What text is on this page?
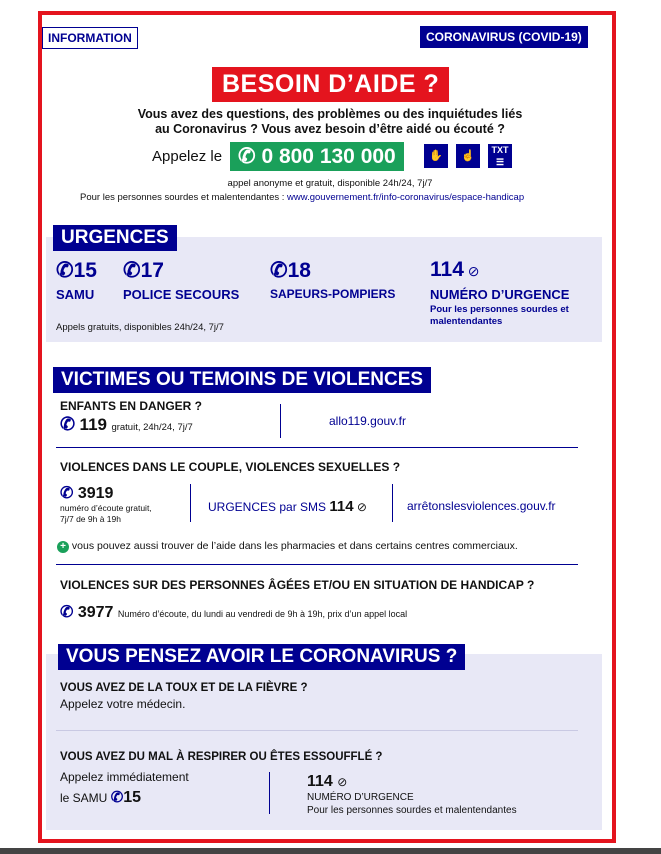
INFORMATION	CORONAVIRUS (COVID-19)
BESOIN D’AIDE ?
Vous avez des questions, des problèmes ou des inquiétudes liés
au Coronavirus ? Vous avez besoin d’être aidé ou écouté ?
Appelez le ✆ 0 800 130 000	✋	☝	TXT
☰
appel anonyme et gratuit, disponible 24h/24, 7j/7
Pour les personnes sourdes et malentendantes : www.gouvernement.fr/info-coronavirus/espace-handicap
URGENCES
✆15
SAMU
✆17
POLICE SECOURS
✆18
SAPEURS-POMPIERS
114 ⊘
NUMÉRO D’URGENCE
Pour les personnes sourdes et
malentendantes
Appels gratuits, disponibles 24h/24, 7j/7
VICTIMES OU TEMOINS DE VIOLENCES
ENFANTS EN DANGER ?
✆ 119 gratuit, 24h/24, 7j/7	allo119.gouv.fr
VIOLENCES DANS LE COUPLE, VIOLENCES SEXUELLES ?
✆ 3919
numéro d’écoute gratuit,
7j/7 de 9h à 19h
URGENCES par SMS 114 ⊘	arrêtonslesviolences.gouv.fr
+ vous pouvez aussi trouver de l’aide dans les pharmacies et dans certains centres commerciaux.
VIOLENCES SUR DES PERSONNES ÂGÉES ET/OU EN SITUATION DE HANDICAP ?
✆ 3977 Numéro d’écoute, du lundi au vendredi de 9h à 19h, prix d’un appel local
VOUS PENSEZ AVOIR LE CORONAVIRUS ?
VOUS AVEZ DE LA TOUX ET DE LA FIÈVRE ?
Appelez votre médecin.
VOUS AVEZ DU MAL À RESPIRER OU ÊTES ESSOUFFLÉ ?
Appelez immédiatement
le SAMU ✆15
114 ⊘
NUMÉRO D’URGENCE
Pour les personnes sourdes et malentendantes
